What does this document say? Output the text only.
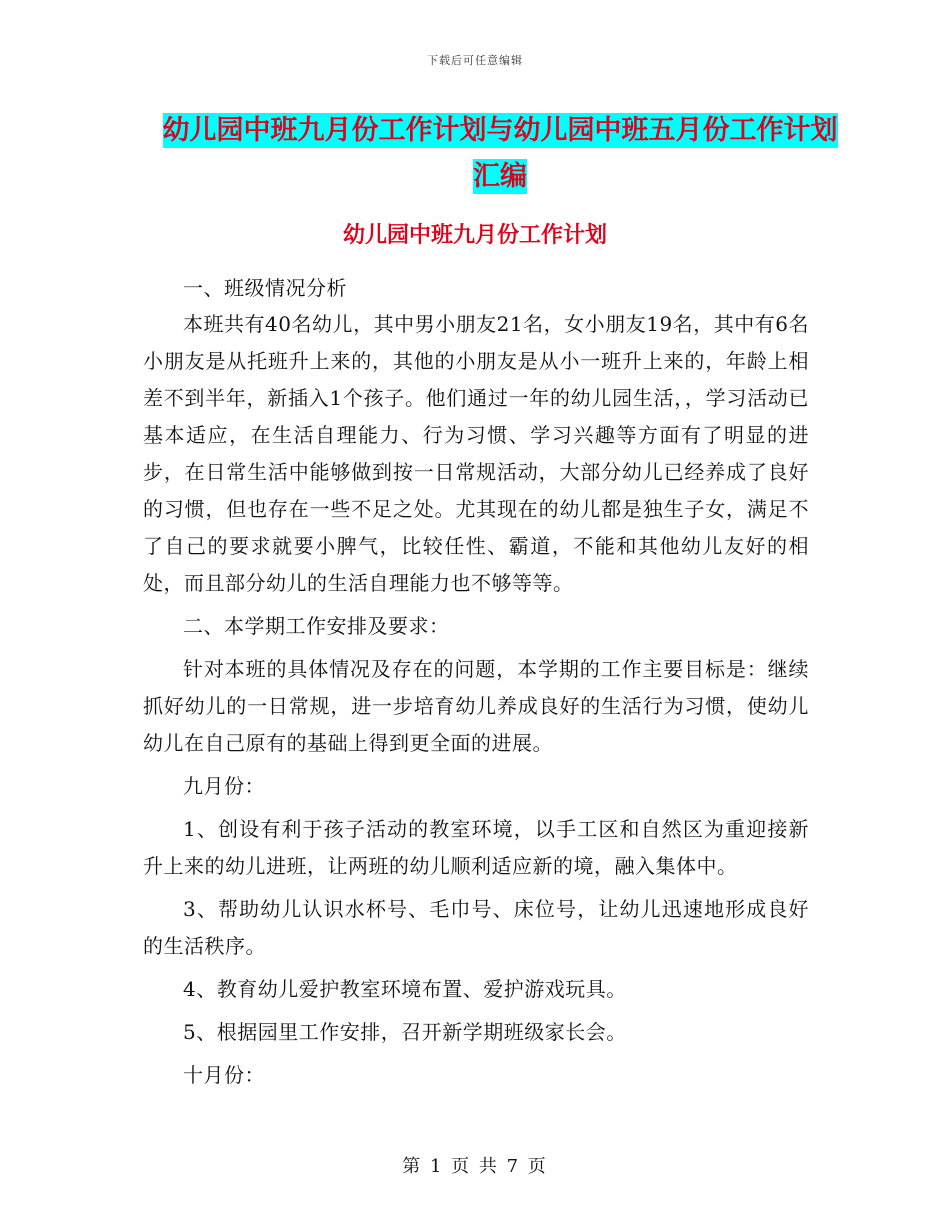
下载后可任意编辑
幼儿园中班九月份工作计划与幼儿园中班五月份工作计划汇编
幼儿园中班九月份工作计划

一、班级情况分析

本班共有40名幼儿，其中男小朋友21名，女小朋友19名，其中有6名小朋友是从托班升上来的，其他的小朋友是从小一班升上来的，年龄上相差不到半年，新插入1个孩子。他们通过一年的幼儿园生活，，学习活动已基本适应，在生活自理能力、行为习惯、学习兴趣等方面有了明显的进步，在日常生活中能够做到按一日常规活动，大部分幼儿已经养成了良好的习惯，但也存在一些不足之处。尤其现在的幼儿都是独生子女，满足不了自己的要求就要小脾气，比较任性、霸道，不能和其他幼儿友好的相处，而且部分幼儿的生活自理能力也不够等等。

二、本学期工作安排及要求：

针对本班的具体情况及存在的问题，本学期的工作主要目标是：继续抓好幼儿的一日常规，进一步培育幼儿养成良好的生活行为习惯，使幼儿幼儿在自己原有的基础上得到更全面的进展。

九月份：

1、创设有利于孩子活动的教室环境，以手工区和自然区为重迎接新升上来的幼儿进班，让两班的幼儿顺利适应新的境，融入集体中。

3、帮助幼儿认识水杯号、毛巾号、床位号，让幼儿迅速地形成良好的生活秩序。

4、教育幼儿爱护教室环境布置、爱护游戏玩具。

5、根据园里工作安排，召开新学期班级家长会。

十月份：

第 1 页 共 7 页
